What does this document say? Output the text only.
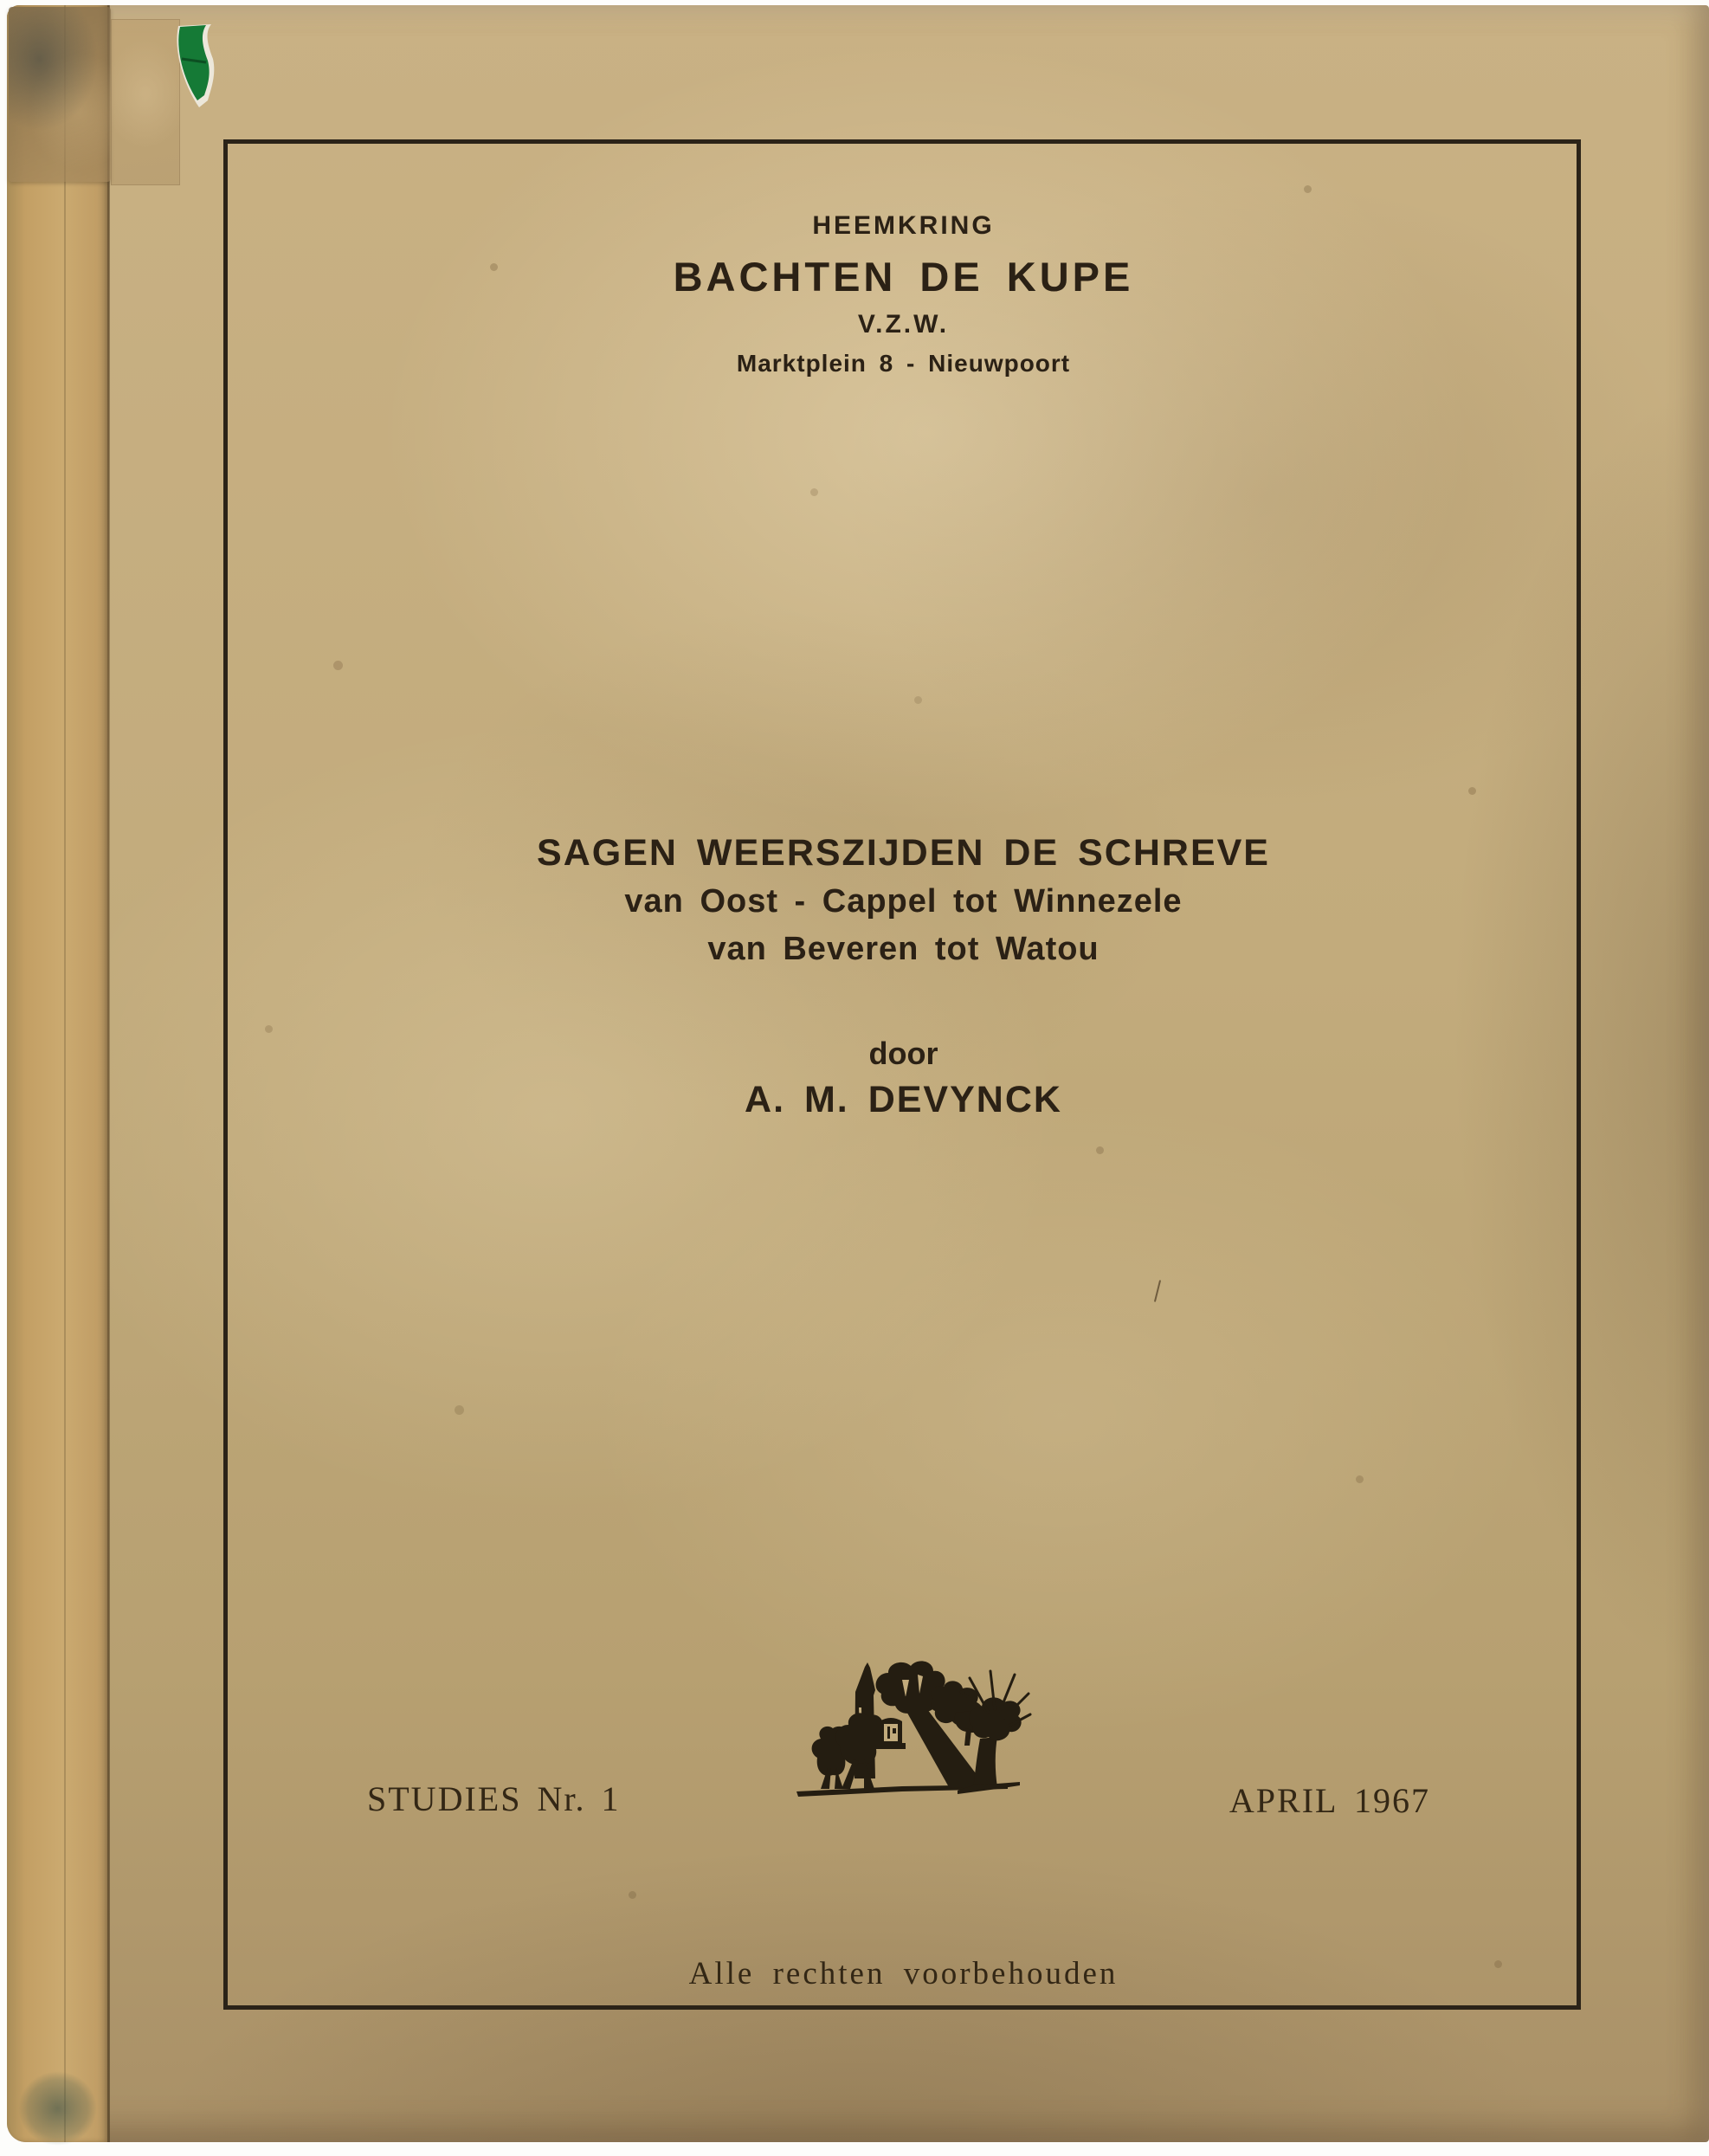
HEEMKRING
BACHTEN DE KUPE
V.Z.W.
Marktplein 8 - Nieuwpoort
SAGEN WEERSZIJDEN DE SCHREVE
van Oost - Cappel tot Winnezele
van Beveren tot Watou
door
A. M. DEVYNCK
STUDIES Nr. 1	APRIL 1967
Alle rechten voorbehouden
